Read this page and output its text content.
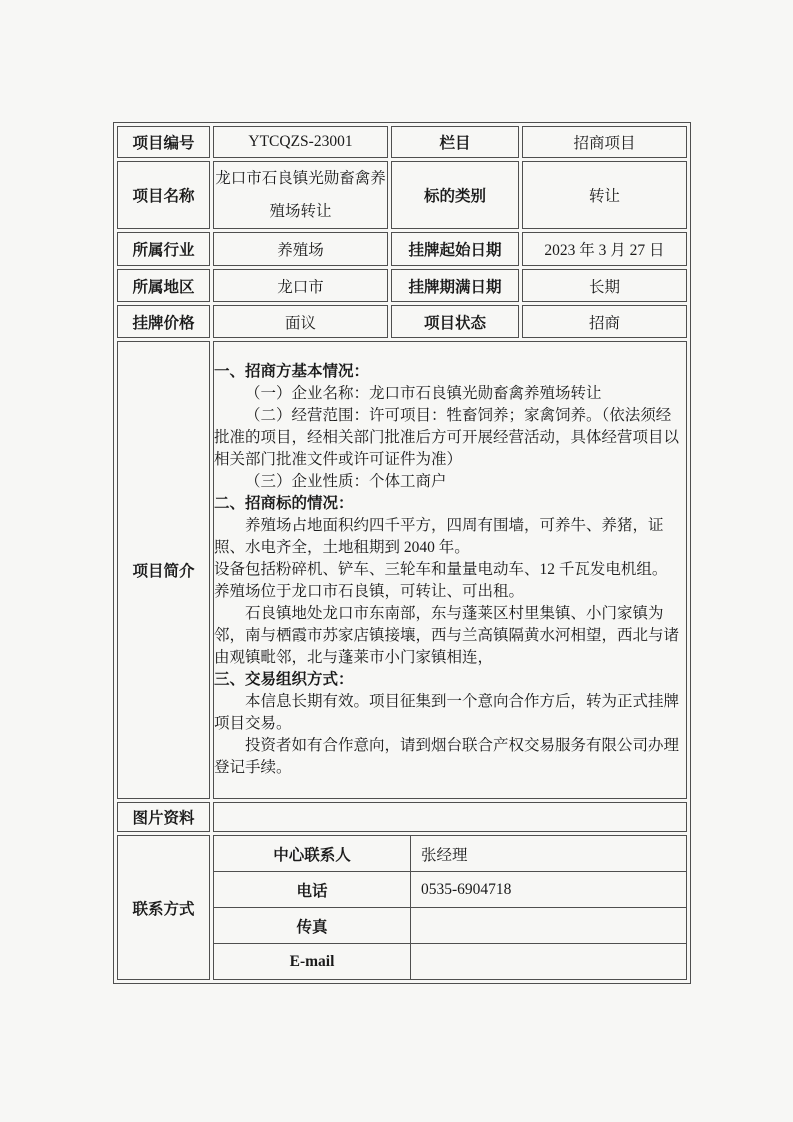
项目编号	YTCQZS-23001	栏目	招商项目
项目名称	龙口市石良镇光勋畜禽养殖场转让	标的类别	转让
所属行业	养殖场	挂牌起始日期	2023 年 3 月 27 日
所属地区	龙口市	挂牌期满日期	长期
挂牌价格	面议	项目状态	招商
项目简介	

一、招商方基本情况：

（一）企业名称：龙口市石良镇光勋畜禽养殖场转让

（二）经营范围：许可项目：牲畜饲养；家禽饲养。（依法须经批准的项目，经相关部门批准后方可开展经营活动，具体经营项目以相关部门批准文件或许可证件为准）

（三）企业性质：个体工商户

二、招商标的情况：

养殖场占地面积约四千平方，四周有围墙，可养牛、养猪，证照、水电齐全，土地租期到 2040 年。

设备包括粉碎机、铲车、三轮车和量量电动车、12 千瓦发电机组。

养殖场位于龙口市石良镇，可转让、可出租。

石良镇地处龙口市东南部，东与蓬莱区村里集镇、小门家镇为邻，南与栖霞市苏家店镇接壤，西与兰高镇隔黄水河相望，西北与诸由观镇毗邻，北与蓬莱市小门家镇相连，

三、交易组织方式：

本信息长期有效。项目征集到一个意向合作方后，转为正式挂牌项目交易。

投资者如有合作意向，请到烟台联合产权交易服务有限公司办理登记手续。

图片资料	
联系方式	
中心联系人	张经理
电话	0535-6904718
传真	
E-mail	
